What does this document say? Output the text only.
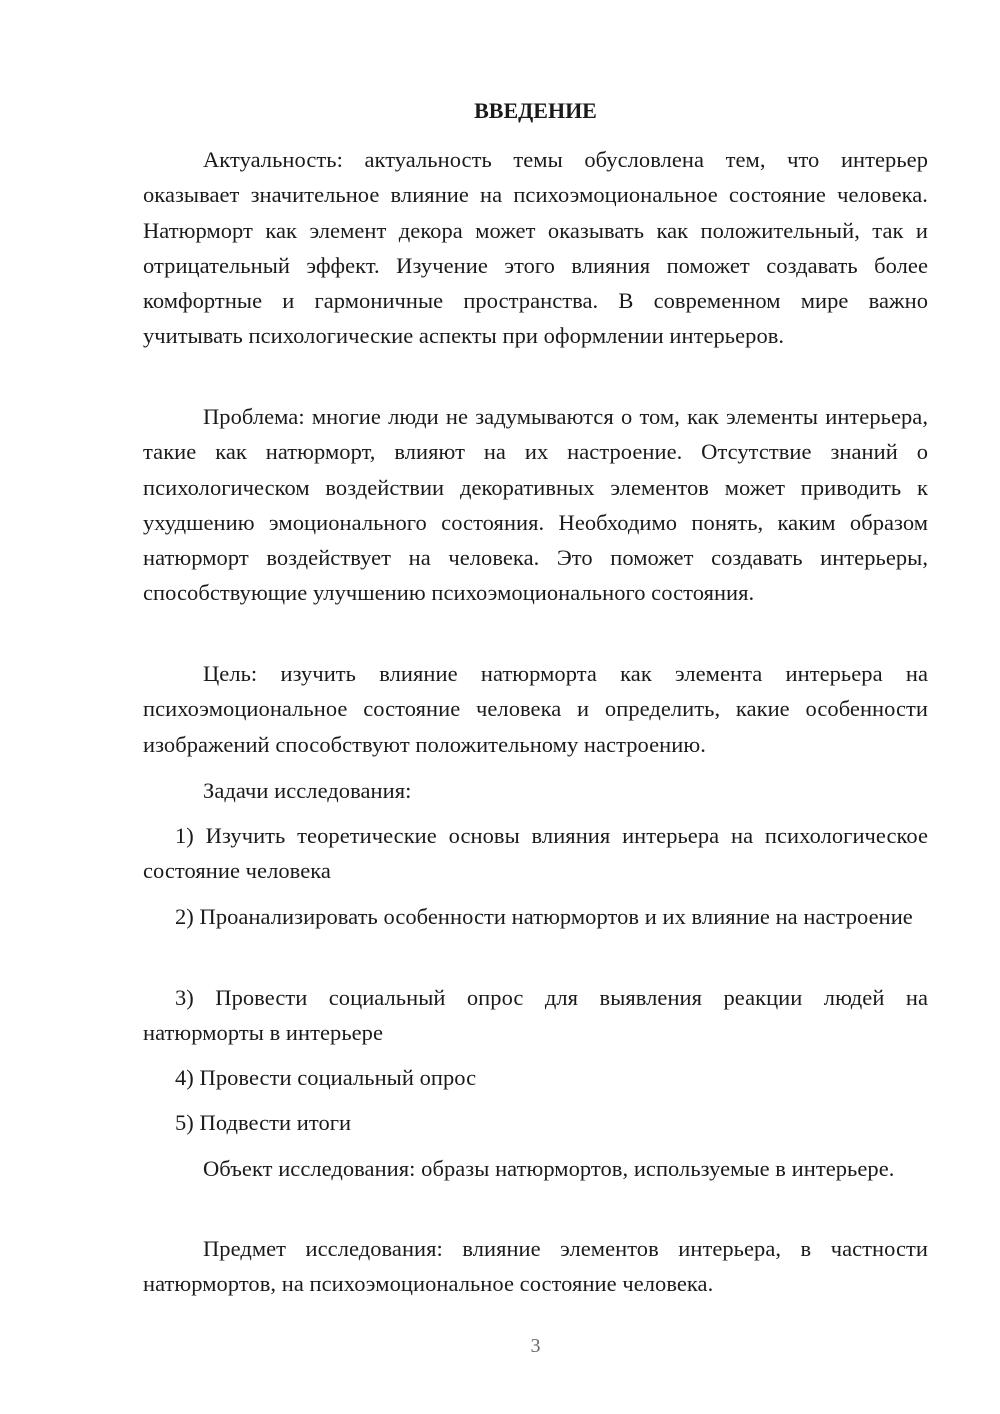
ВВЕДЕНИЕ

Актуальность: актуальность темы обусловлена тем, что интерьер оказывает значительное влияние на психоэмоциональное состояние человека. Натюрморт как элемент декора может оказывать как положительный, так и отрицательный эффект. Изучение этого влияния поможет создавать более комфортные и гармоничные пространства. В современном мире важно учитывать психологические аспекты при оформлении интерьеров.

Проблема: многие люди не задумываются о том, как элементы интерьера, такие как натюрморт, влияют на их настроение. Отсутствие знаний о психологическом воздействии декоративных элементов может приводить к ухудшению эмоционального состояния. Необходимо понять, каким образом натюрморт воздействует на человека. Это поможет создавать интерьеры, способствующие улучшению психоэмоционального состояния.

Цель: изучить влияние натюрморта как элемента интерьера на психоэмоциональное состояние человека и определить, какие особенности изображений способствуют положительному настроению.

Задачи исследования:

1) Изучить теоретические основы влияния интерьера на психологическое состояние человека

2) Проанализировать особенности натюрмортов и их влияние на настроение

3) Провести социальный опрос для выявления реакции людей на натюрморты в интерьере

4) Провести социальный опрос

5) Подвести итоги

Объект исследования: образы натюрмортов, используемые в интерьере.

Предмет исследования: влияние элементов интерьера, в частности натюрмортов, на психоэмоциональное состояние человека.

3
